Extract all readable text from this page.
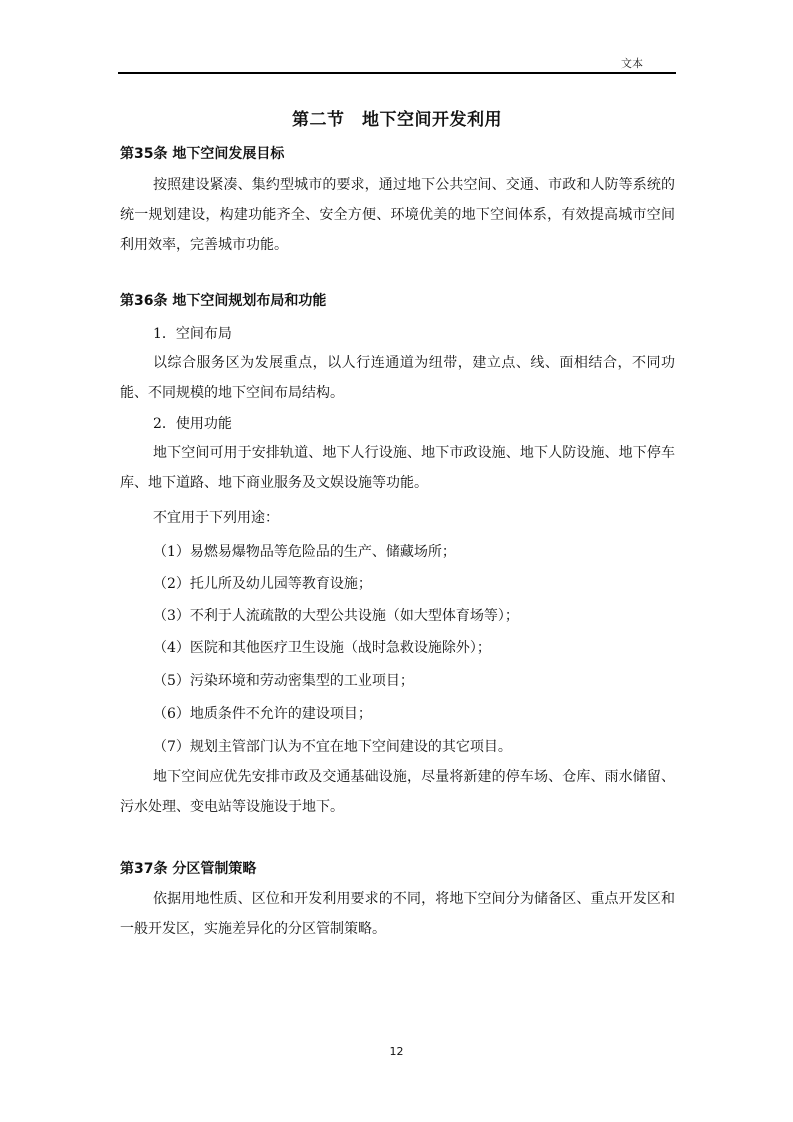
文本
第二节　地下空间开发利用
第35条 地下空间发展目标
按照建设紧凑、集约型城市的要求，通过地下公共空间、交通、市政和人防等系统的统一规划建设，构建功能齐全、安全方便、环境优美的地下空间体系，有效提高城市空间利用效率，完善城市功能。
第36条 地下空间规划布局和功能
1．空间布局
以综合服务区为发展重点，以人行连通道为纽带，建立点、线、面相结合，不同功能、不同规模的地下空间布局结构。
2．使用功能
地下空间可用于安排轨道、地下人行设施、地下市政设施、地下人防设施、地下停车库、地下道路、地下商业服务及文娱设施等功能。
不宜用于下列用途：
（1）易燃易爆物品等危险品的生产、储藏场所；
（2）托儿所及幼儿园等教育设施；
（3）不利于人流疏散的大型公共设施（如大型体育场等）；
（4）医院和其他医疗卫生设施（战时急救设施除外）；
（5）污染环境和劳动密集型的工业项目；
（6）地质条件不允许的建设项目；
（7）规划主管部门认为不宜在地下空间建设的其它项目。
地下空间应优先安排市政及交通基础设施，尽量将新建的停车场、仓库、雨水储留、污水处理、变电站等设施设于地下。
第37条 分区管制策略
依据用地性质、区位和开发利用要求的不同，将地下空间分为储备区、重点开发区和一般开发区，实施差异化的分区管制策略。
12
